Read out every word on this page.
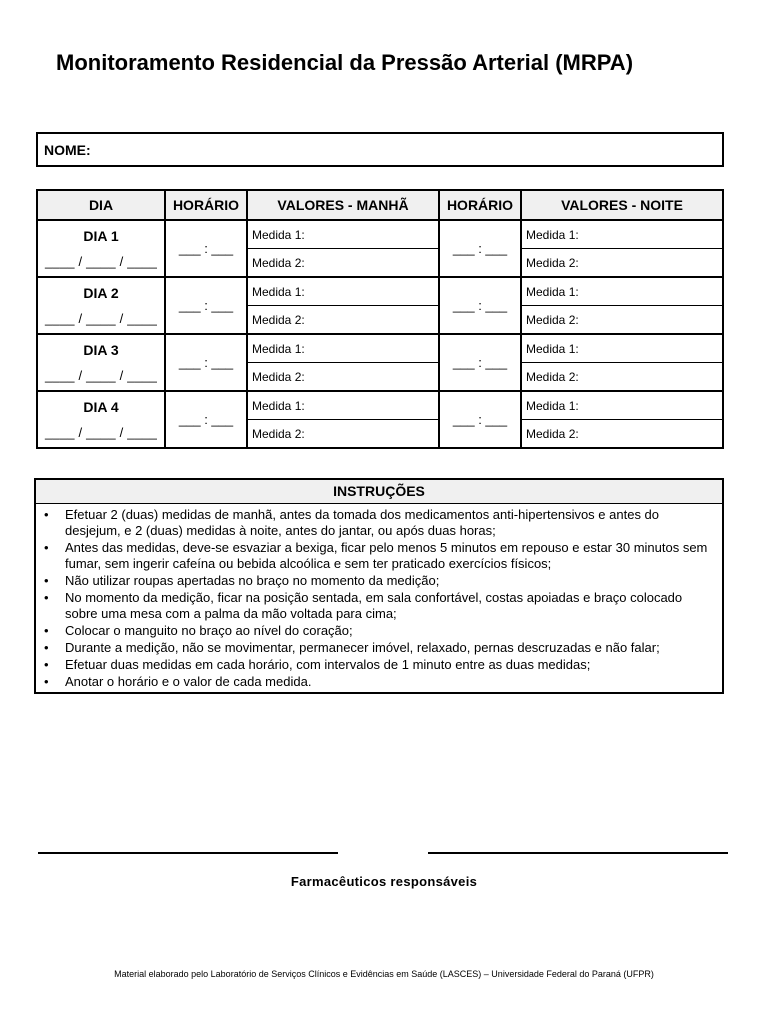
Monitoramento Residencial da Pressão Arterial (MRPA)
NOME:
DIA	HORÁRIO	VALORES - MANHÃ	HORÁRIO	VALORES - NOITE

DIA 1
____ / ____ / ____	___ : ___	Medida 1:	___ : ___	Medida 1:
		Medida 2:		Medida 2:

DIA 2
____ / ____ / ____	___ : ___	Medida 1:	___ : ___	Medida 1:
		Medida 2:		Medida 2:

DIA 3
____ / ____ / ____	___ : ___	Medida 1:	___ : ___	Medida 1:
		Medida 2:		Medida 2:

DIA 4
____ / ____ / ____	___ : ___	Medida 1:	___ : ___	Medida 1:
		Medida 2:		Medida 2:
INSTRUÇÕES
• Efetuar 2 (duas) medidas de manhã, antes da tomada dos medicamentos anti-hipertensivos e antes do desjejum, e 2 (duas) medidas à noite, antes do jantar, ou após duas horas;
• Antes das medidas, deve-se esvaziar a bexiga, ficar pelo menos 5 minutos em repouso e estar 30 minutos sem fumar, sem ingerir cafeína ou bebida alcoólica e sem ter praticado exercícios físicos;
• Não utilizar roupas apertadas no braço no momento da medição;
• No momento da medição, ficar na posição sentada, em sala confortável, costas apoiadas e braço colocado sobre uma mesa com a palma da mão voltada para cima;
• Colocar o manguito no braço ao nível do coração;
• Durante a medição, não se movimentar, permanecer imóvel, relaxado, pernas descruzadas e não falar;
• Efetuar duas medidas em cada horário, com intervalos de 1 minuto entre as duas medidas;
• Anotar o horário e o valor de cada medida.
Farmacêuticos responsáveis
Material elaborado pelo Laboratório de Serviços Clínicos e Evidências em Saúde (LASCES) – Universidade Federal do Paraná (UFPR)
